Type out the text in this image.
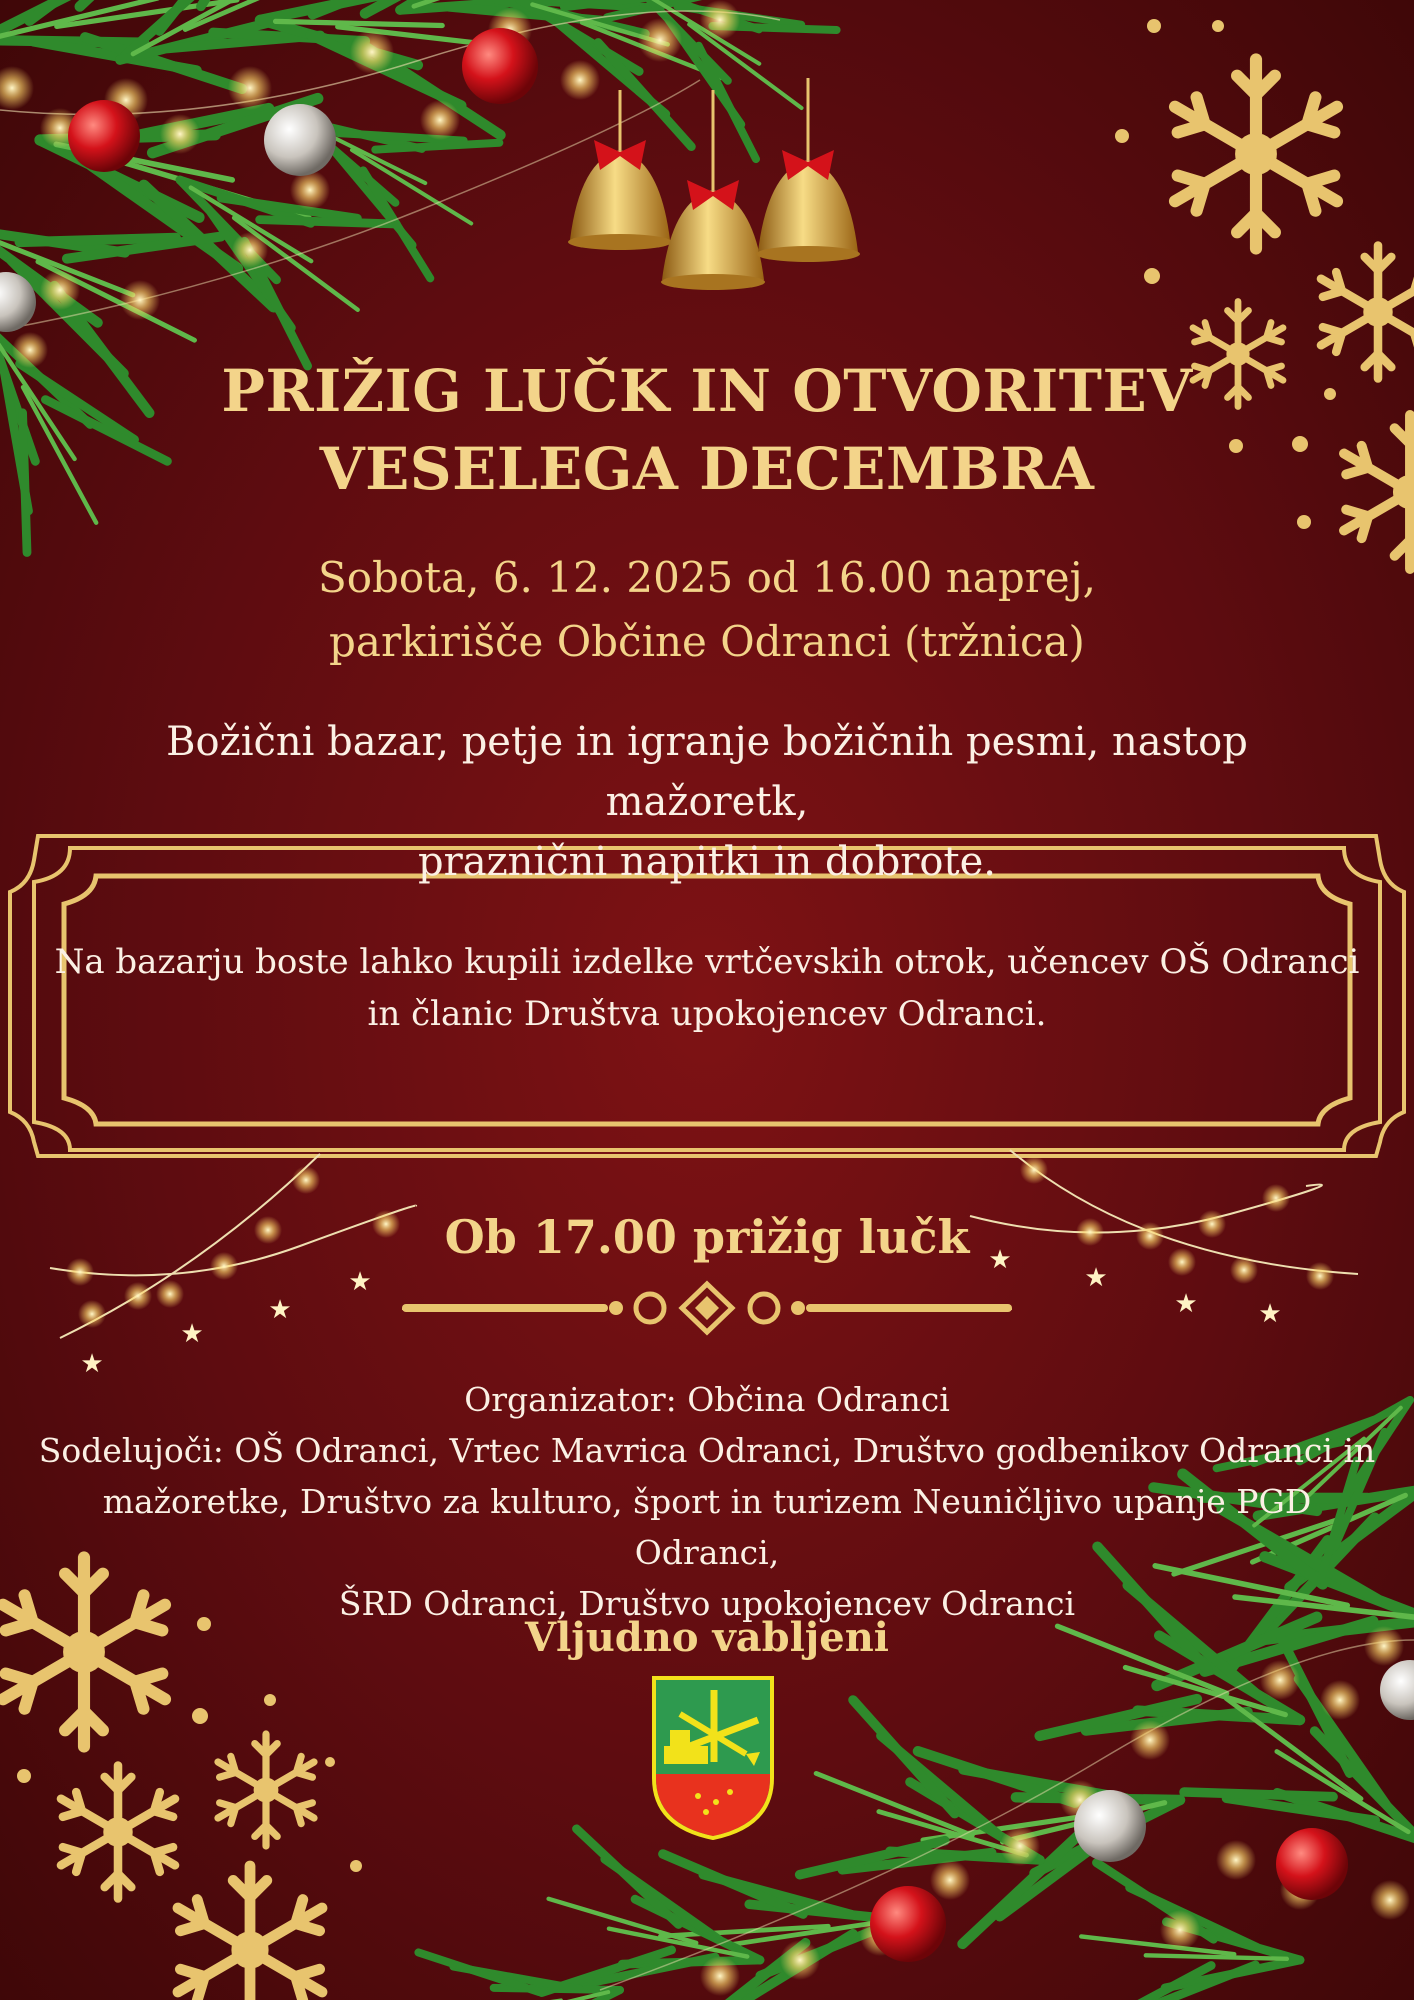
★
★
★
★
★
★
★ ★
PRIŽIG LUČK IN OTVORITEV
VESELEGA DECEMBRA
Sobota, 6. 12. 2025 od 16.00 naprej,
parkirišče Občine Odranci (tržnica)
Božični bazar, petje in igranje božičnih pesmi, nastop mažoretk,
praznični napitki in dobrote.
Na bazarju boste lahko kupili izdelke vrtčevskih otrok, učencev OŠ Odranci
in članic Društva upokojencev Odranci.
Ob 17.00 prižig lučk
Organizator: Občina Odranci
Sodelujoči: OŠ Odranci, Vrtec Mavrica Odranci, Društvo godbenikov Odranci in
mažoretke, Društvo za kulturo, šport in turizem Neuničljivo upanje PGD Odranci,
ŠRD Odranci, Društvo upokojencev Odranci
Vljudno vabljeni
